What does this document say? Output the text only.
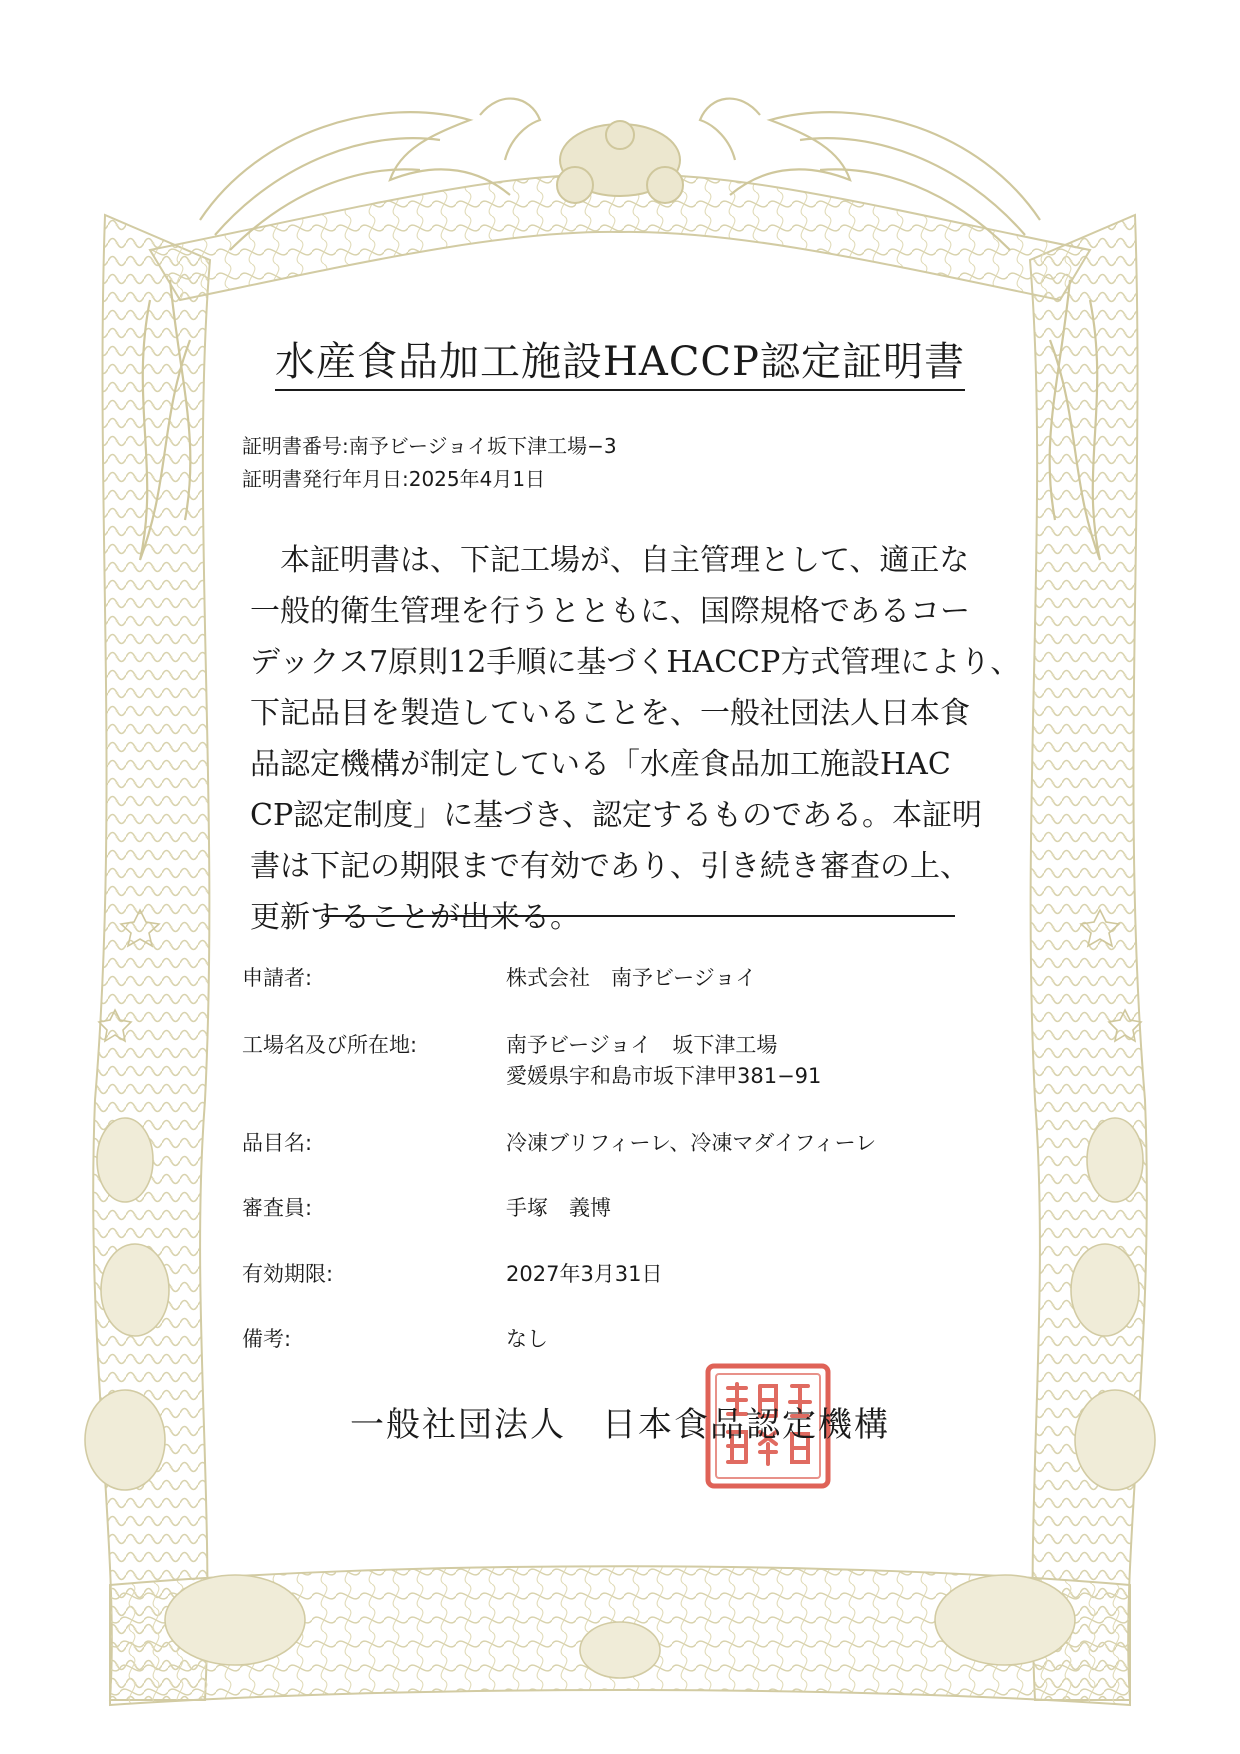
水産食品加工施設HACCP認定証明書
証明書番号:南予ビージョイ坂下津工場−3
証明書発行年月日:2025年4月1日

　本証明書は、下記工場が、自主管理として、適正な
一般的衛生管理を行うとともに、国際規格であるコー
デックス7原則12手順に基づくHACCP方式管理により、
下記品目を製造していることを、一般社団法人日本食
品認定機構が制定している「水産食品加工施設HAC
CP認定制度」に基づき、認定するものである。本証明
書は下記の期限まで有効であり、引き続き審査の上、
更新することが出来る。

申請者:	株式会社　南予ビージョイ
工場名及び所在地:	南予ビージョイ　坂下津工場
愛媛県宇和島市坂下津甲381−91
品目名:	冷凍ブリフィーレ、冷凍マダイフィーレ
審査員:	手塚　義博
有効期限:	2027年3月31日
備考:	なし
一般社団法人　日本食品認定機構
